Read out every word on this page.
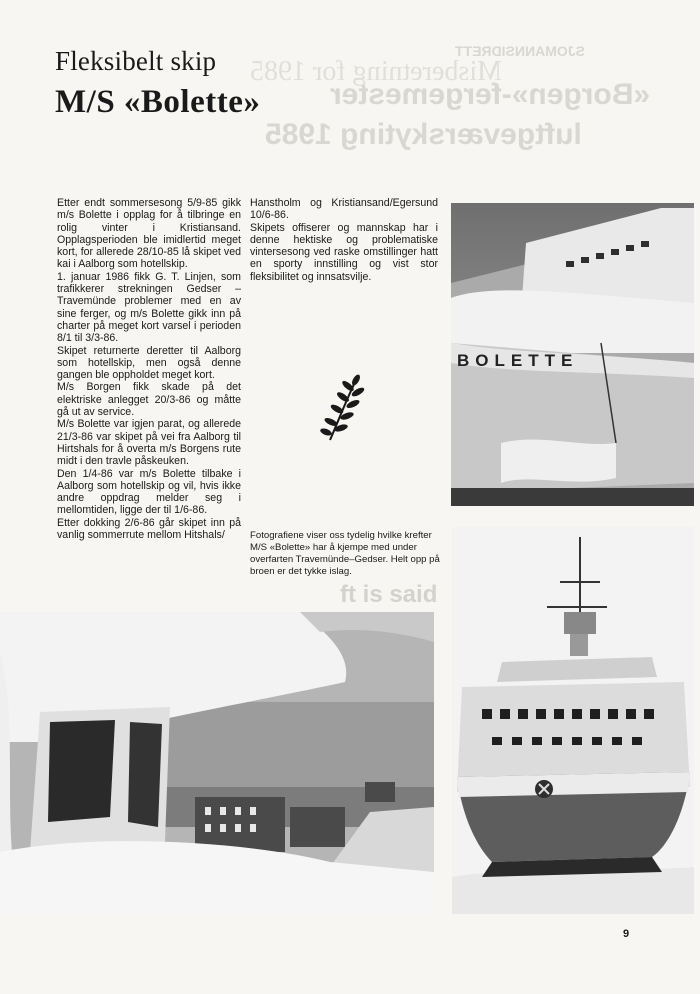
SJOMANNSIDRETT
Misberetning for 1985
«Borgen»-fergemester
luftgeværskyting 1985
ft is said
Fleksibelt skip
M/S «Bolette»

Etter endt sommersesong 5/9-85 gikk m/s Bolette i opplag for å tilbringe en rolig vinter i Kristiansand. Opplagsperioden ble imidlertid meget kort, for allerede 28/10-85 lå skipet ved kai i Aalborg som hotellskip.

1. januar 1986 fikk G. T. Linjen, som trafikkerer strekningen Gedser – Travemünde problemer med en av sine ferger, og m/s Bolette gikk inn på charter på meget kort varsel i perioden 8/1 til 3/3-86.

Skipet returnerte deretter til Aalborg som hotellskip, men også denne gangen ble oppholdet meget kort.

M/s Borgen fikk skade på det elektriske anlegget 20/3-86 og måtte gå ut av service.

M/s Bolette var igjen parat, og allerede 21/3-86 var skipet på vei fra Aalborg til Hirtshals for å overta m/s Borgens rute midt i den travle påskeuken.

Den 1/4-86 var m/s Bolette tilbake i Aalborg som hotellskip og vil, hvis ikke andre oppdrag melder seg i mellomtiden, ligge der til 1/6-86.

Etter dokking 2/6-86 går skipet inn på vanlig sommerrute mellom Hitshals/

Hanstholm og Kristiansand/Egersund 10/6-86.

Skipets offiserer og mannskap har i denne hektiske og problematiske vintersesong ved raske omstillinger hatt en sporty innstilling og vist stor fleksibilitet og innsatsvilje.

Fotografiene viser oss tydelig hvilke krefter M/S «Bolette» har å kjempe med under overfarten Travemünde–Gedser. Helt opp på broen er det tykke islag.
BOLETTE
9
